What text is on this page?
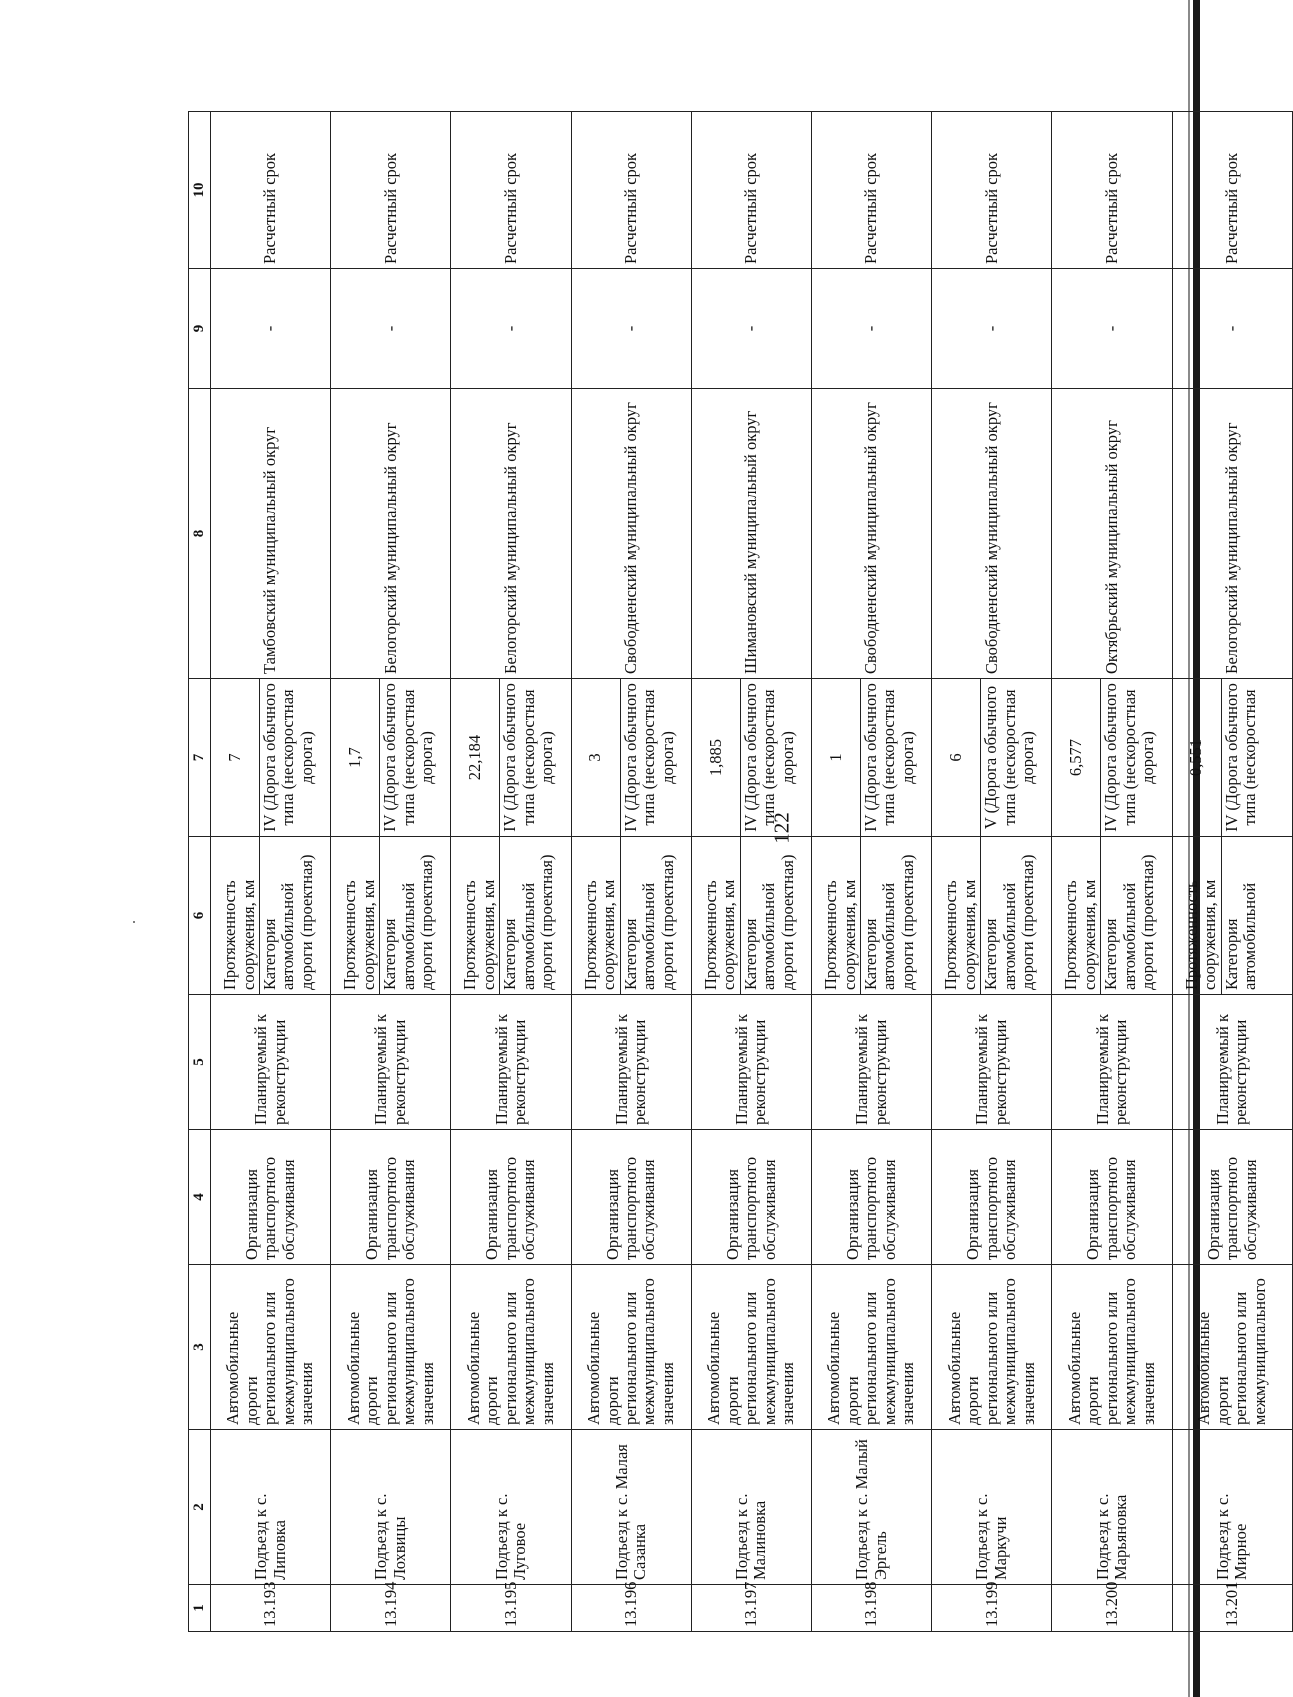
122
1	2	3	4	5	6	7	8	9	10
13.193	Подъезд к с. Липовка	Автомобильные дороги регионального или межмуниципального значения	Организация транспортного обслуживания	Планируемый к реконструкции	Протяженность сооружения, км	7	Тамбовский муниципальный округ	-	Расчетный срок
					Категория автомобильной дороги (проектная)	IV (Дорога обычного типа (нескоростная дорога)			
13.194	Подъезд к с. Лохвицы	Автомобильные дороги регионального или межмуниципального значения	Организация транспортного обслуживания	Планируемый к реконструкции	Протяженность сооружения, км	1,7	Белогорский муниципальный округ	-	Расчетный срок
					Категория автомобильной дороги (проектная)	IV (Дорога обычного типа (нескоростная дорога)			
13.195	Подъезд к с. Луговое	Автомобильные дороги регионального или межмуниципального значения	Организация транспортного обслуживания	Планируемый к реконструкции	Протяженность сооружения, км	22,184	Белогорский муниципальный округ	-	Расчетный срок
					Категория автомобильной дороги (проектная)	IV (Дорога обычного типа (нескоростная дорога)			
13.196	Подъезд к с. Малая Сазанка	Автомобильные дороги регионального или межмуниципального значения	Организация транспортного обслуживания	Планируемый к реконструкции	Протяженность сооружения, км	3	Свободненский муниципальный округ	-	Расчетный срок
					Категория автомобильной дороги (проектная)	IV (Дорога обычного типа (нескоростная дорога)			
13.197	Подъезд к с. Малиновка	Автомобильные дороги регионального или межмуниципального значения	Организация транспортного обслуживания	Планируемый к реконструкции	Протяженность сооружения, км	1,885	Шимановский муниципальный округ	-	Расчетный срок
					Категория автомобильной дороги (проектная)	IV (Дорога обычного типа (нескоростная дорога)			
13.198	Подъезд к с. Малый Эргель	Автомобильные дороги регионального или межмуниципального значения	Организация транспортного обслуживания	Планируемый к реконструкции	Протяженность сооружения, км	1	Свободненский муниципальный округ	-	Расчетный срок
					Категория автомобильной дороги (проектная)	IV (Дорога обычного типа (нескоростная дорога)			
13.199	Подъезд к с. Маркучи	Автомобильные дороги регионального или межмуниципального значения	Организация транспортного обслуживания	Планируемый к реконструкции	Протяженность сооружения, км	6	Свободненский муниципальный округ	-	Расчетный срок
					Категория автомобильной дороги (проектная)	V (Дорога обычного типа (нескоростная дорога)			
13.200	Подъезд к с. Марьяновка	Автомобильные дороги регионального или межмуниципального значения	Организация транспортного обслуживания	Планируемый к реконструкции	Протяженность сооружения, км	6,577	Октябрьский муниципальный округ	-	Расчетный срок
					Категория автомобильной дороги (проектная)	IV (Дорога обычного типа (нескоростная дорога)			
13.201	Подъезд к с. Мирное	Автомобильные дороги регионального или межмуниципального	Организация транспортного обслуживания	Планируемый к реконструкции	Протяженность сооружения, км	0,551	Белогорский муниципальный округ	-	Расчетный срок
					Категория автомобильной	IV (Дорога обычного типа (нескоростная			
